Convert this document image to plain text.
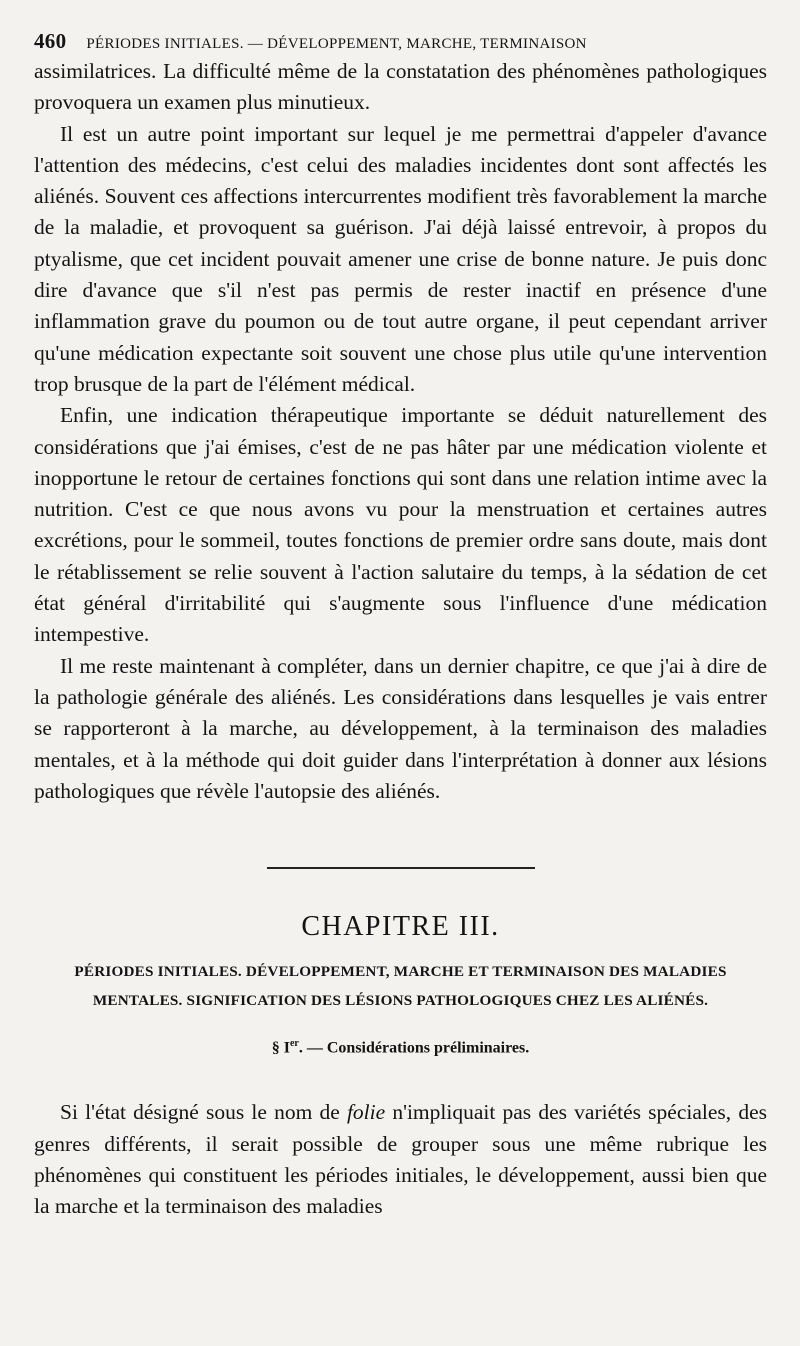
460 PÉRIODES INITIALES. — DÉVELOPPEMENT, MARCHE, TERMINAISON

assimilatrices. La difficulté même de la constatation des phénomènes pathologiques provoquera un examen plus minutieux.

Il est un autre point important sur lequel je me permettrai d'appeler d'avance l'attention des médecins, c'est celui des maladies incidentes dont sont affectés les aliénés. Souvent ces affections intercurrentes modifient très favorablement la marche de la maladie, et provoquent sa guérison. J'ai déjà laissé entrevoir, à propos du ptyalisme, que cet incident pouvait amener une crise de bonne nature. Je puis donc dire d'avance que s'il n'est pas permis de rester inactif en présence d'une inflammation grave du poumon ou de tout autre organe, il peut cependant arriver qu'une médication expectante soit souvent une chose plus utile qu'une intervention trop brusque de la part de l'élément médical.

Enfin, une indication thérapeutique importante se déduit naturellement des considérations que j'ai émises, c'est de ne pas hâter par une médication violente et inopportune le retour de certaines fonctions qui sont dans une relation intime avec la nutrition. C'est ce que nous avons vu pour la menstruation et certaines autres excrétions, pour le sommeil, toutes fonctions de premier ordre sans doute, mais dont le rétablissement se relie souvent à l'action salutaire du temps, à la sédation de cet état général d'irritabilité qui s'augmente sous l'influence d'une médication intempestive.

Il me reste maintenant à compléter, dans un dernier chapitre, ce que j'ai à dire de la pathologie générale des aliénés. Les considérations dans lesquelles je vais entrer se rapporteront à la marche, au développement, à la terminaison des maladies mentales, et à la méthode qui doit guider dans l'interprétation à donner aux lésions pathologiques que révèle l'autopsie des aliénés.

CHAPITRE III.
PÉRIODES INITIALES. DÉVELOPPEMENT, MARCHE ET TERMINAISON DES MALADIES
MENTALES. SIGNIFICATION DES LÉSIONS PATHOLOGIQUES CHEZ LES ALIÉNÉS.
§ Ier. — Considérations préliminaires.

Si l'état désigné sous le nom de folie n'impliquait pas des variétés spéciales, des genres différents, il serait possible de grouper sous une même rubrique les phénomènes qui constituent les périodes initiales, le développement, aussi bien que la marche et la terminaison des maladies
